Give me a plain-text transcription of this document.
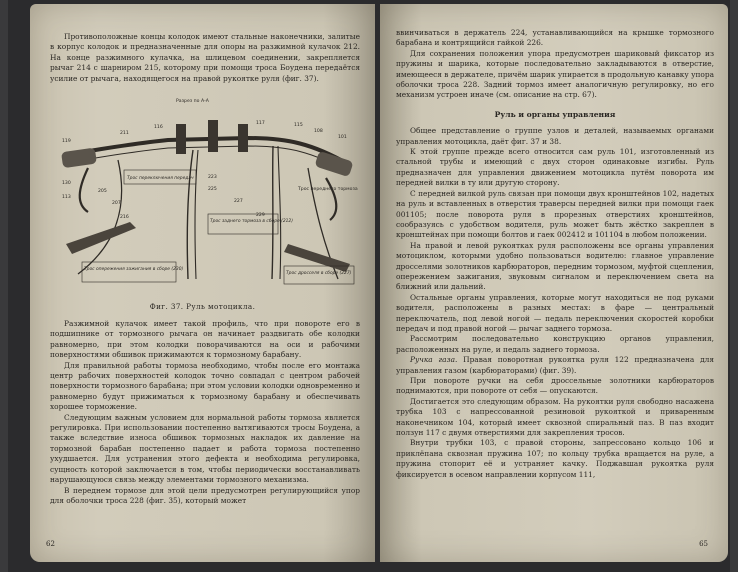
Противоположные концы колодок имеют стальные наконечники, залитые в корпус колодок и предназначенные для опоры на разжимной кулачок 212. На конце разжимного кулачка, на шлицевом соединении, закрепляется рычаг 214 с шарниром 215, которому при помощи троса Боудена передаётся усилие от рычага, находящегося на правой рукоятке руля (фиг. 37).

Разрез по А-А
119
211
116
117	115
108
101
130
113
205
207
216
223
225
227
229
Трос переднего тормоза
Трос переключения передач
Трос заднего тормоза в сборе (212)
Трос опережения зажигания в сборе (230)
Трос дросселя в сборе (227)
Фиг. 37. Руль мотоцикла.

Разжимной кулачок имеет такой профиль, что при повороте его в подшипнике от тормозного рычага он начинает раздвигать обе колодки равномерно, при этом колодки поворачиваются на оси и рабочими поверхностями обшивок прижимаются к тормозному барабану.

Для правильной работы тормоза необходимо, чтобы после его монтажа центр рабочих поверхностей колодок точно совпадал с центром рабочей поверхности тормозного барабана; при этом условии колодки одновременно и равномерно будут прижиматься к тормозному барабану и обеспечивать хорошее торможение.

Следующим важным условием для нормальной работы тормоза является регулировка. При использовании постепенно вытягиваются тросы Боудена, а также вследствие износа обшивок тормозных накладок их давление на тормозной барабан постепенно падает и работа тормоза постепенно ухудшается. Для устранения этого дефекта и необходима регулировка, сущность которой заключается в том, чтобы периодически восстанавливать нарушающуюся связь между элементами тормозного механизма.

В переднем тормозе для этой цели предусмотрен регулирующийся упор для оболочки троса 228 (фиг. 35), который может

62

ввинчиваться в держатель 224, устанавливающийся на крышке тормозного барабана и контрящийся гайкой 226.

Для сохранения положения упора предусмотрен шариковый фиксатор из пружины и шарика, которые последовательно закладываются в отверстие, имеющееся в держателе, причём шарик упирается в продольную канавку упора оболочки троса 228. Задний тормоз имеет аналогичную регулировку, но его механизм устроен иначе (см. описание на стр. 67).

Руль и органы управления

Общее представление о группе узлов и деталей, называемых органами управления мотоцикла, даёт фиг. 37 и 38.

К этой группе прежде всего относится сам руль 101, изготовленный из стальной трубы и имеющий с двух сторон одинаковые изгибы. Руль предназначен для управления движением мотоцикла путём поворота им передней вилки в ту или другую сторону.

С передней вилкой руль связан при помощи двух кронштейнов 102, надетых на руль и вставленных в отверстия траверсы передней вилки при помощи гаек 001105; после поворота руля в прорезных отверстиях кронштейнов, сообразуясь с удобством водителя, руль может быть жёстко закреплен в кронштейнах при помощи болтов и гаек 002412 и 101104 в любом положении.

На правой и левой рукоятках руля расположены все органы управления мотоциклом, которыми удобно пользоваться водителю: главное управление дросселями золотников карбюраторов, передним тормозом, муфтой сцепления, опережением зажигания, звуковым сигналом и переключением света на ближний или дальний.

Остальные органы управления, которые могут находиться не под руками водителя, расположены в разных местах: в фаре — центральный переключатель, под левой ногой — педаль переключения скоростей коробки передач и под правой ногой — рычаг заднего тормоза.

Рассмотрим последовательно конструкцию органов управления, расположенных на руле, и педаль заднего тормоза.

Ручка газа. Правая поворотная рукоятка руля 122 предназначена для управления газом (карбюраторами) (фиг. 39).

При повороте ручки на себя дроссельные золотники карбюраторов поднимаются, при повороте от себя — опускаются.

Достигается это следующим образом. На рукоятки руля свободно насажена трубка 103 с напрессованной резиновой рукояткой и приваренным наконечником 104, который имеет сквозной спиральный паз. В паз входит ползун 117 с двумя отверстиями для закрепления тросов.

Внутри трубки 103, с правой стороны, запрессовано кольцо 106 и приклёпана сквозная пружина 107; по кольцу трубка вращается на руле, а пружина стопорит её и устраняет качку. Поджавшая рукоятка руля фиксируется в осевом направлении корпусом 111,

65
